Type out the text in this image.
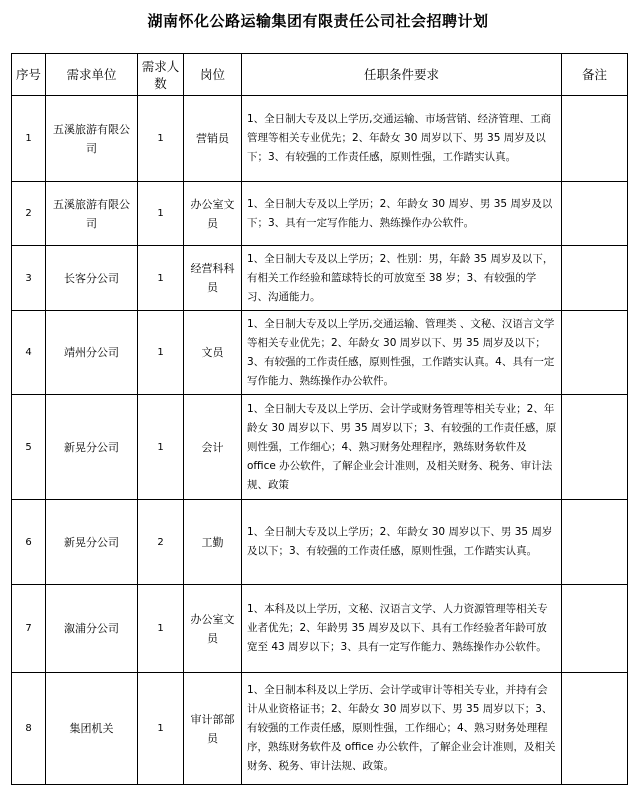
湖南怀化公路运输集团有限责任公司社会招聘计划
序号	需求单位	需求人数	岗位	任职条件要求	备注
1	五溪旅游有限公司	1	营销员	1、全日制大专及以上学历,交通运输、市场营销、经济管理、工商管理等相关专业优先；2、年龄女 30 周岁以下、男 35 周岁及以下；3、有较强的工作责任感，原则性强，工作踏实认真。	
2	五溪旅游有限公司	1	办公室文员	1、全日制大专及以上学历；2、年龄女 30 周岁、男 35 周岁及以下；3、具有一定写作能力、熟练操作办公软件。	
3	长客分公司	1	经营科科员	1、全日制大专及以上学历；2、性别：男，年龄 35 周岁及以下，有相关工作经验和篮球特长的可放宽至 38 岁；3、有较强的学习、沟通能力。	
4	靖州分公司	1	文员	1、全日制大专及以上学历,交通运输、管理类 、文秘、汉语言文学等相关专业优先；2、年龄女 30 周岁以下、男 35 周岁及以下；3、有较强的工作责任感，原则性强，工作踏实认真。4、具有一定写作能力、熟练操作办公软件。	
5	新晃分公司	1	会计	1、全日制大专及以上学历、会计学或财务管理等相关专业；2、年龄女 30 周岁以下、男 35 周岁以下；3、有较强的工作责任感，原则性强，工作细心；4、熟习财务处理程序，熟练财务软件及 office 办公软件，了解企业会计准则，及相关财务、税务、审计法规、政策	
6	新晃分公司	2	工勤	1、全日制大专及以上学历；2、年龄女 30 周岁以下、男 35 周岁及以下；3、有较强的工作责任感，原则性强，工作踏实认真。	
7	溆浦分公司	1	办公室文员	1、本科及以上学历，文秘、汉语言文学、人力资源管理等相关专业者优先；2、年龄男 35 周岁及以下、具有工作经验者年龄可放宽至 43 周岁以下；3、具有一定写作能力、熟练操作办公软件。	
8	集团机关	1	审计部部员	1、全日制本科及以上学历、会计学或审计等相关专业，并持有会计从业资格证书；2、年龄女 30 周岁以下、男 35 周岁以下；3、有较强的工作责任感，原则性强，工作细心；4、熟习财务处理程序，熟练财务软件及 office 办公软件，了解企业会计准则，及相关财务、税务、审计法规、政策。	
